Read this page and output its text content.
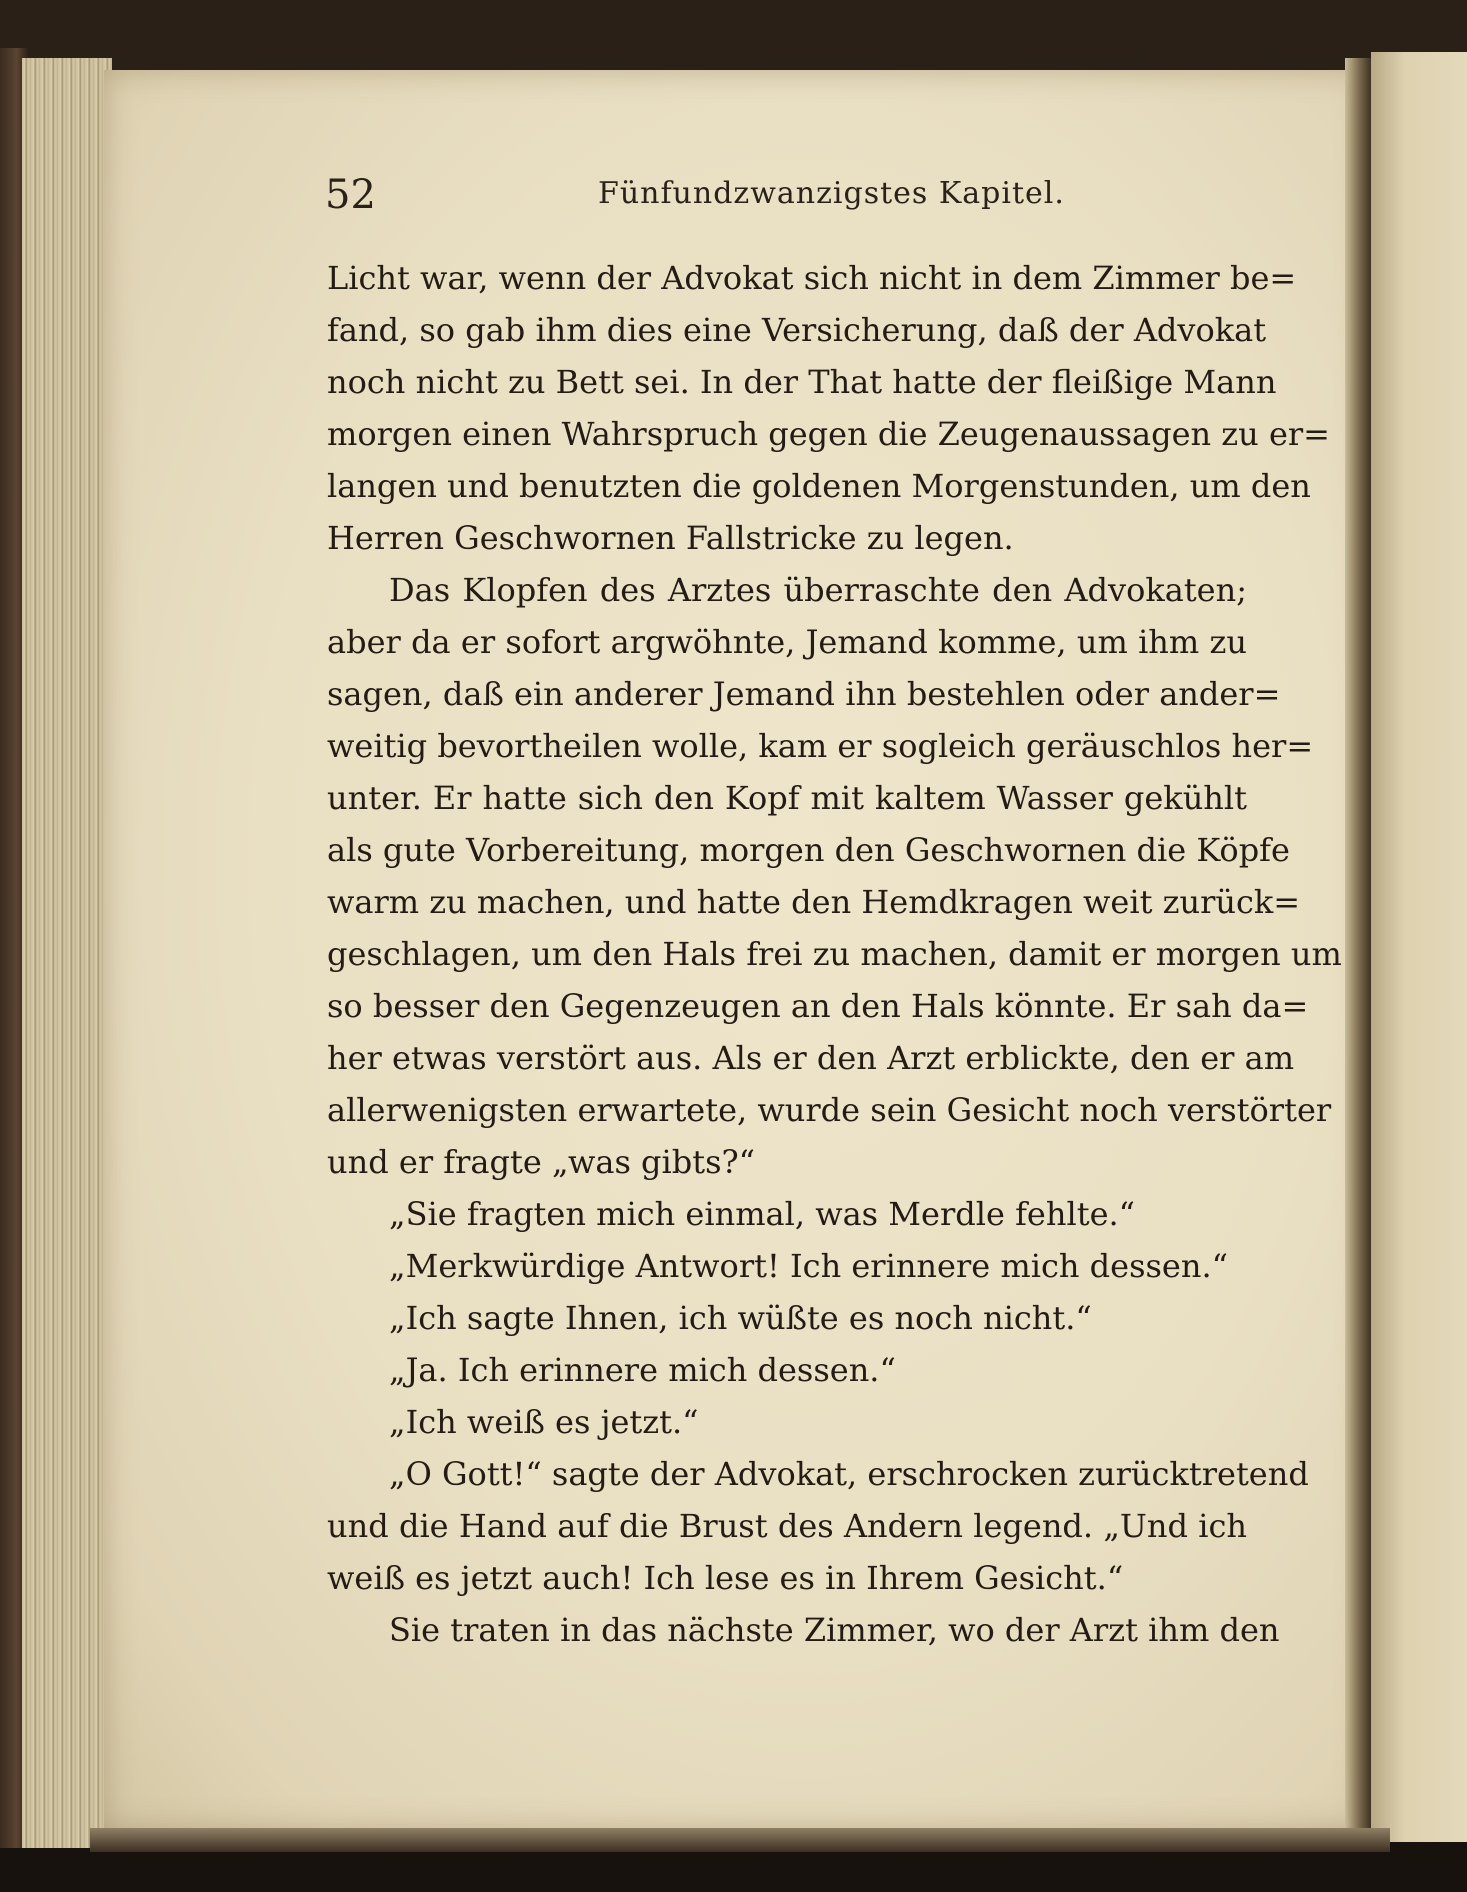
52	Fünfundzwanzigstes Kapitel.
Licht war, wenn der Advokat sich nicht in dem Zimmer be=
fand, so gab ihm dies eine Versicherung, daß der Advokat
noch nicht zu Bett sei. In der That hatte der fleißige Mann
morgen einen Wahrspruch gegen die Zeugenaussagen zu er=
langen und benutzten die goldenen Morgenstunden, um den
Herren Geschwornen Fallstricke zu legen.
Das Klopfen des Arztes überraschte den Advokaten;
aber da er sofort argwöhnte, Jemand komme, um ihm zu
sagen, daß ein anderer Jemand ihn bestehlen oder ander=
weitig bevortheilen wolle, kam er sogleich geräuschlos her=
unter. Er hatte sich den Kopf mit kaltem Wasser gekühlt
als gute Vorbereitung, morgen den Geschwornen die Köpfe
warm zu machen, und hatte den Hemdkragen weit zurück=
geschlagen, um den Hals frei zu machen, damit er morgen um
so besser den Gegenzeugen an den Hals könnte. Er sah da=
her etwas verstört aus. Als er den Arzt erblickte, den er am
allerwenigsten erwartete, wurde sein Gesicht noch verstörter
und er fragte „was gibts?“
„Sie fragten mich einmal, was Merdle fehlte.“
„Merkwürdige Antwort! Ich erinnere mich dessen.“
„Ich sagte Ihnen, ich wüßte es noch nicht.“
„Ja. Ich erinnere mich dessen.“
„Ich weiß es jetzt.“
„O Gott!“ sagte der Advokat, erschrocken zurücktretend
und die Hand auf die Brust des Andern legend. „Und ich
weiß es jetzt auch! Ich lese es in Ihrem Gesicht.“
Sie traten in das nächste Zimmer, wo der Arzt ihm den
